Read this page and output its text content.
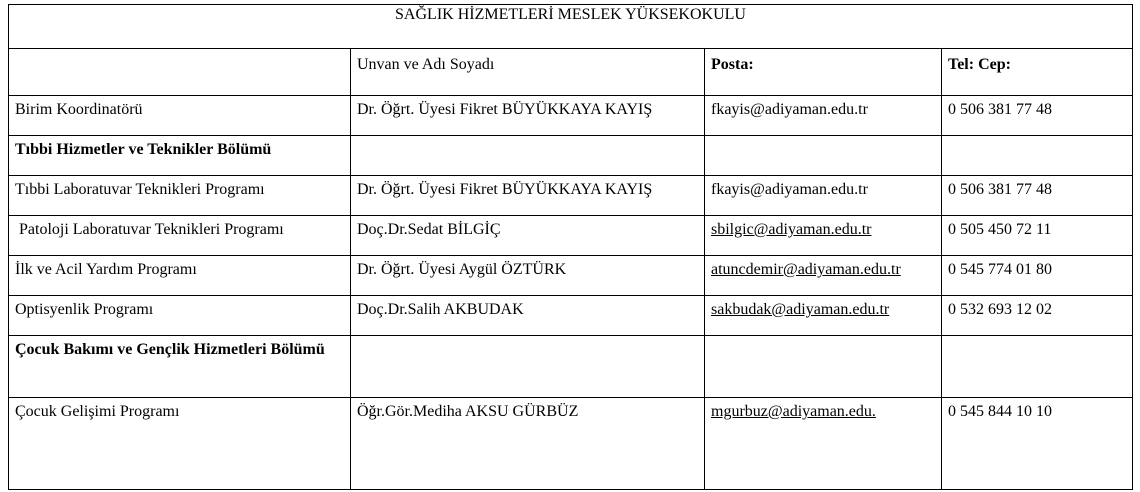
SAĞLIK HİZMETLERİ MESLEK YÜKSEKOKULU			
	Unvan ve Adı Soyadı	Posta:	Tel: Cep:
Birim Koordinatörü	Dr. Öğrt. Üyesi Fikret BÜYÜKKAYA KAYIŞ	fkayis@adiyaman.edu.tr	0 506 381 77 48
Tıbbi Hizmetler ve Teknikler Bölümü			
Tıbbi Laboratuvar Teknikleri Programı	Dr. Öğrt. Üyesi Fikret BÜYÜKKAYA KAYIŞ	fkayis@adiyaman.edu.tr	0 506 381 77 48
Patoloji Laboratuvar Teknikleri Programı	Doç.Dr.Sedat BİLGİÇ	sbilgic@adiyaman.edu.tr	0 505 450 72 11
İlk ve Acil Yardım Programı	Dr. Öğrt. Üyesi Aygül ÖZTÜRK	atuncdemir@adiyaman.edu.tr	0 545 774 01 80
Optisyenlik Programı	Doç.Dr.Salih AKBUDAK	sakbudak@adiyaman.edu.tr	0 532 693 12 02
Çocuk Bakımı ve Gençlik Hizmetleri Bölümü			
Çocuk Gelişimi Programı	Öğr.Gör.Mediha AKSU GÜRBÜZ	mgurbuz@adiyaman.edu.	0 545 844 10 10
